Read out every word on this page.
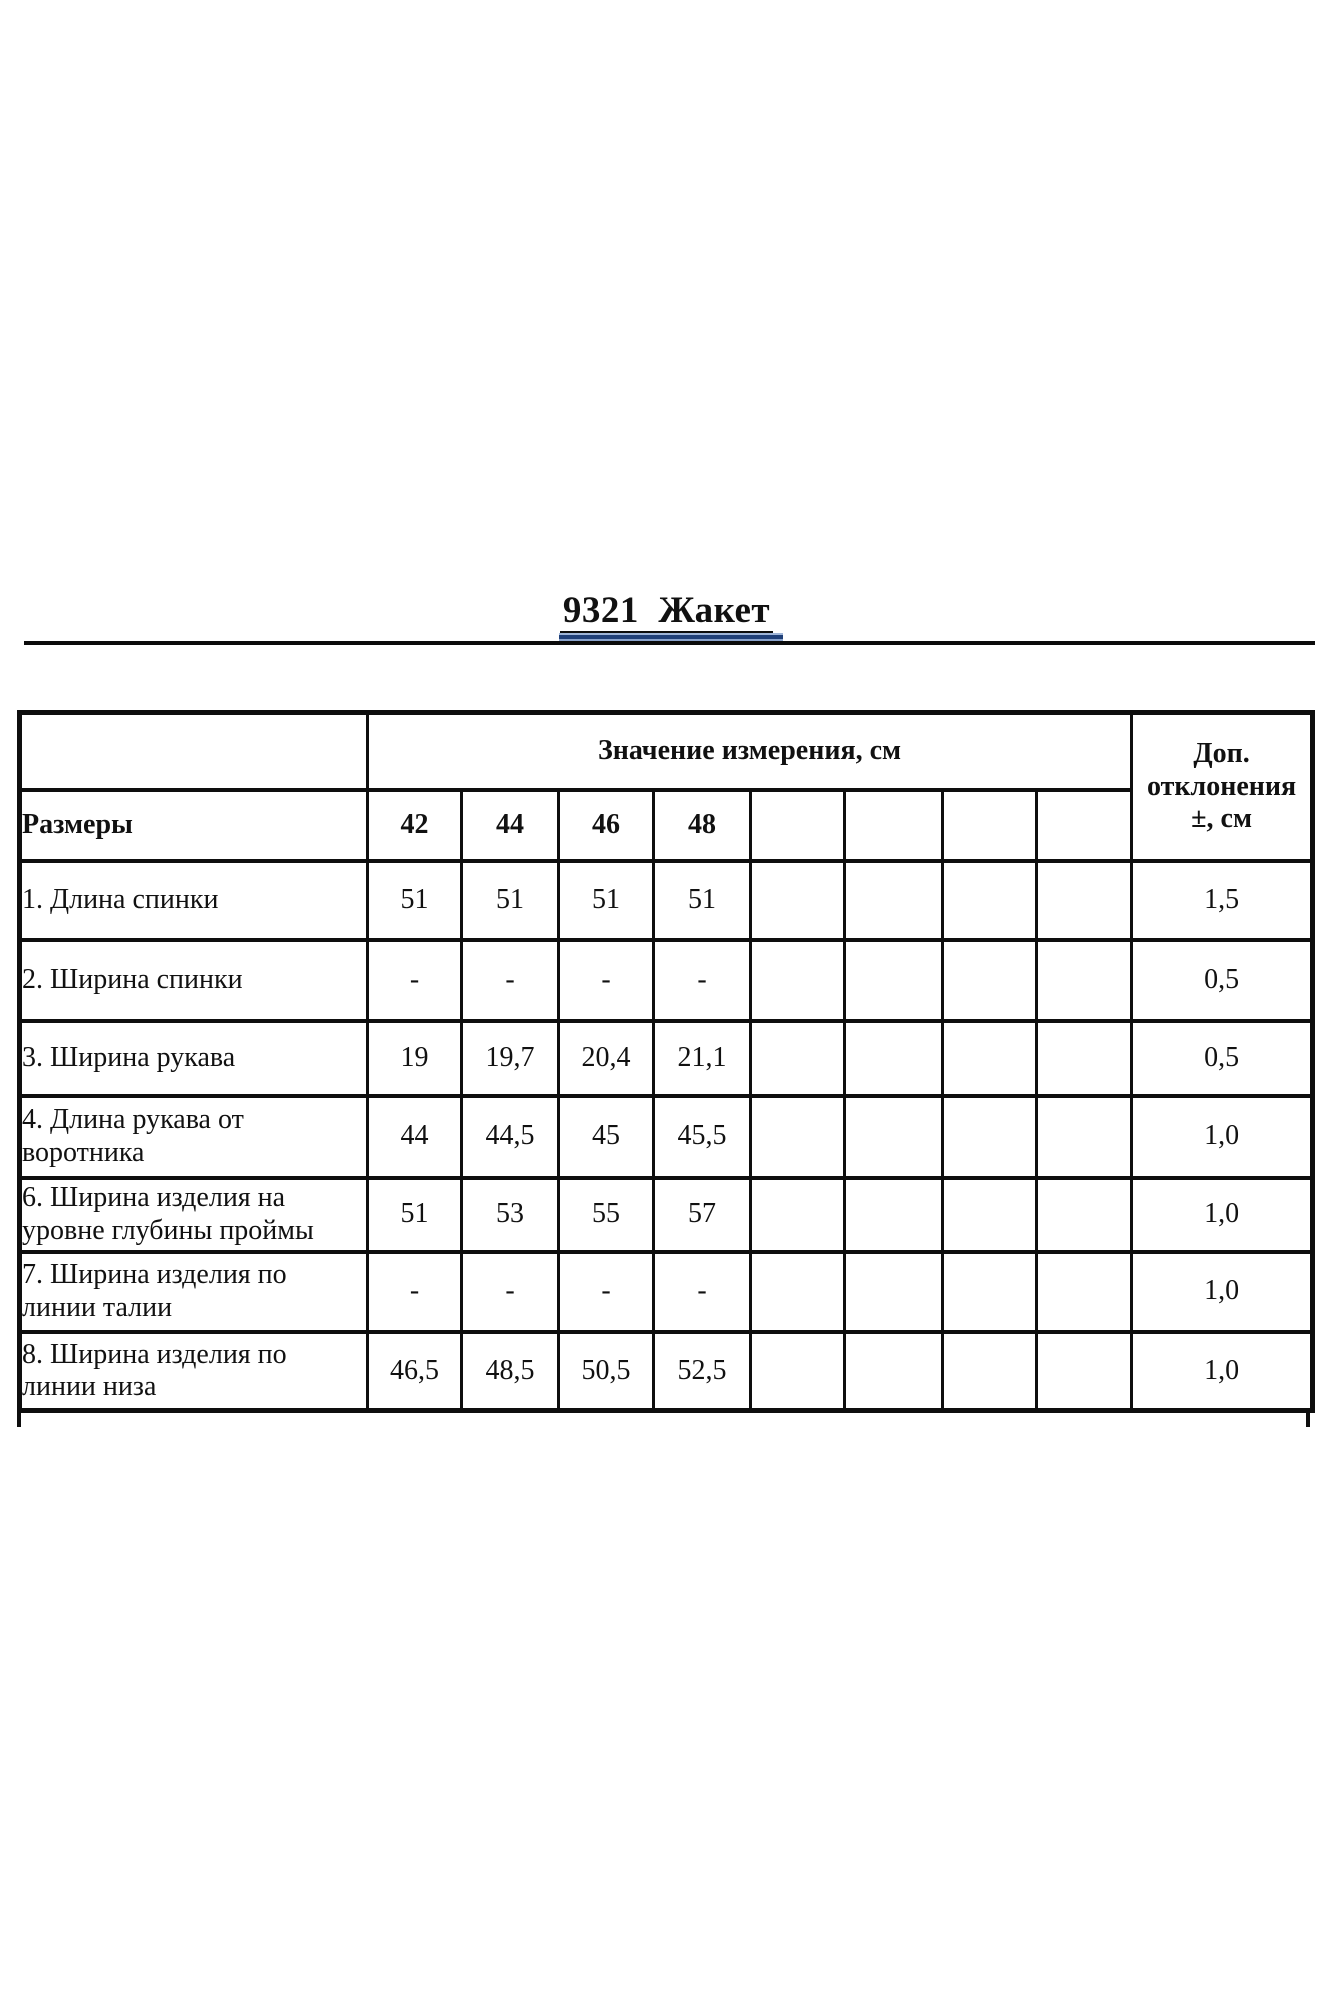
9321  Жакет
	Значение измерения, см								Доп.
отклонения
±, см
Размеры	42	44	46	48					
1. Длина спинки	51	51	51	51					1,5
2. Ширина спинки	-	-	-	-					0,5
3. Ширина рукава	19	19,7	20,4	21,1					0,5
4. Длина рукава от
воротника	44	44,5	45	45,5					1,0
6. Ширина изделия на
уровне глубины проймы	51	53	55	57					1,0
7. Ширина изделия по
линии талии	-	-	-	-					1,0
8. Ширина изделия по
линии низа	46,5	48,5	50,5	52,5					1,0
